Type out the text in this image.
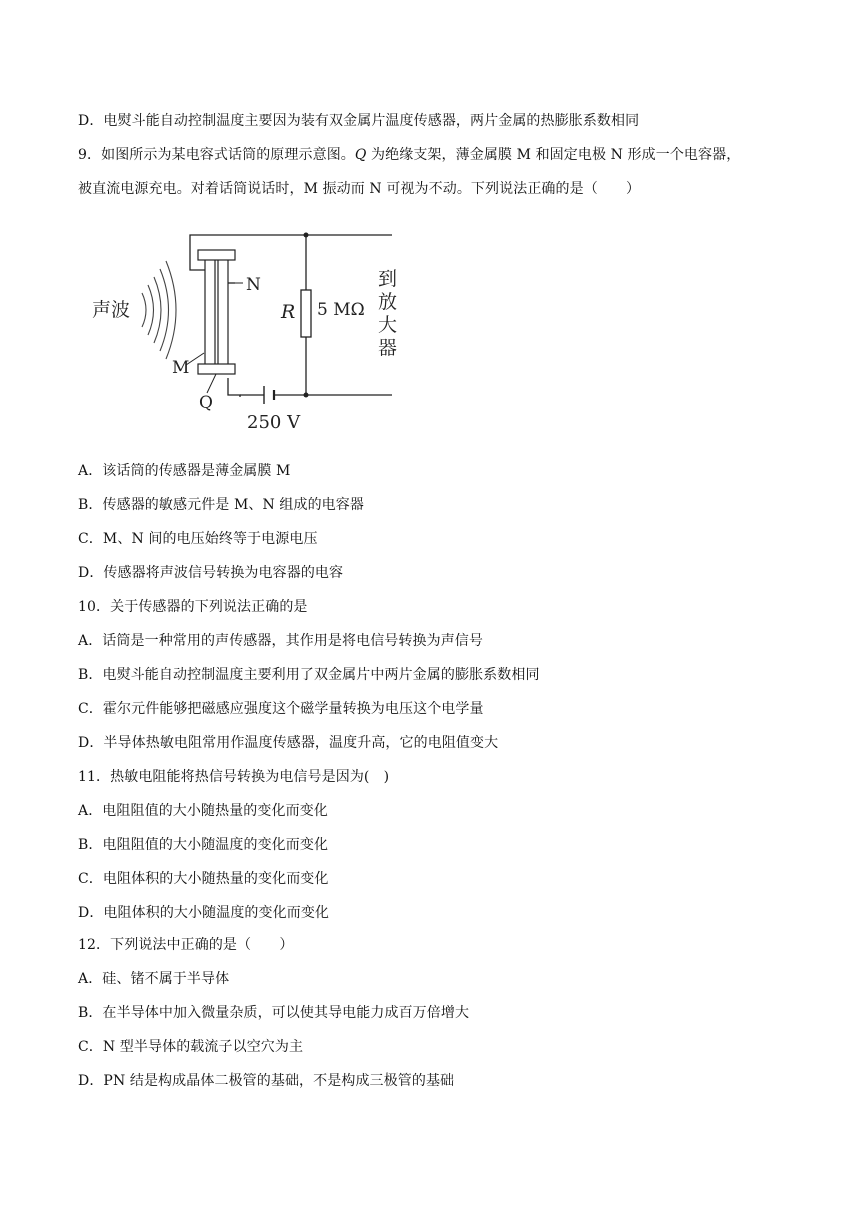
D．电熨斗能自动控制温度主要因为装有双金属片温度传感器，两片金属的热膨胀系数相同
9．如图所示为某电容式话筒的原理示意图。Q 为绝缘支架，薄金属膜 M 和固定电极 N 形成一个电容器，
被直流电源充电。对着话筒说话时，M 振动而 N 可视为不动。下列说法正确的是（　　）
声波
N
M
Q
R 5 MΩ
250 V
到
放
大
器
A．该话筒的传感器是薄金属膜 M
B．传感器的敏感元件是 M、N 组成的电容器
C．M、N 间的电压始终等于电源电压
D．传感器将声波信号转换为电容器的电容
10．关于传感器的下列说法正确的是
A．话筒是一种常用的声传感器，其作用是将电信号转换为声信号
B．电熨斗能自动控制温度主要利用了双金属片中两片金属的膨胀系数相同
C．霍尔元件能够把磁感应强度这个磁学量转换为电压这个电学量
D．半导体热敏电阻常用作温度传感器，温度升高，它的电阻值变大
11．热敏电阻能将热信号转换为电信号是因为(　)
A．电阻阻值的大小随热量的变化而变化
B．电阻阻值的大小随温度的变化而变化
C．电阻体积的大小随热量的变化而变化
D．电阻体积的大小随温度的变化而变化
12．下列说法中正确的是（　　）
A．硅、锗不属于半导体
B．在半导体中加入微量杂质，可以使其导电能力成百万倍增大
C．N 型半导体的载流子以空穴为主
D．PN 结是构成晶体二极管的基础，不是构成三极管的基础
